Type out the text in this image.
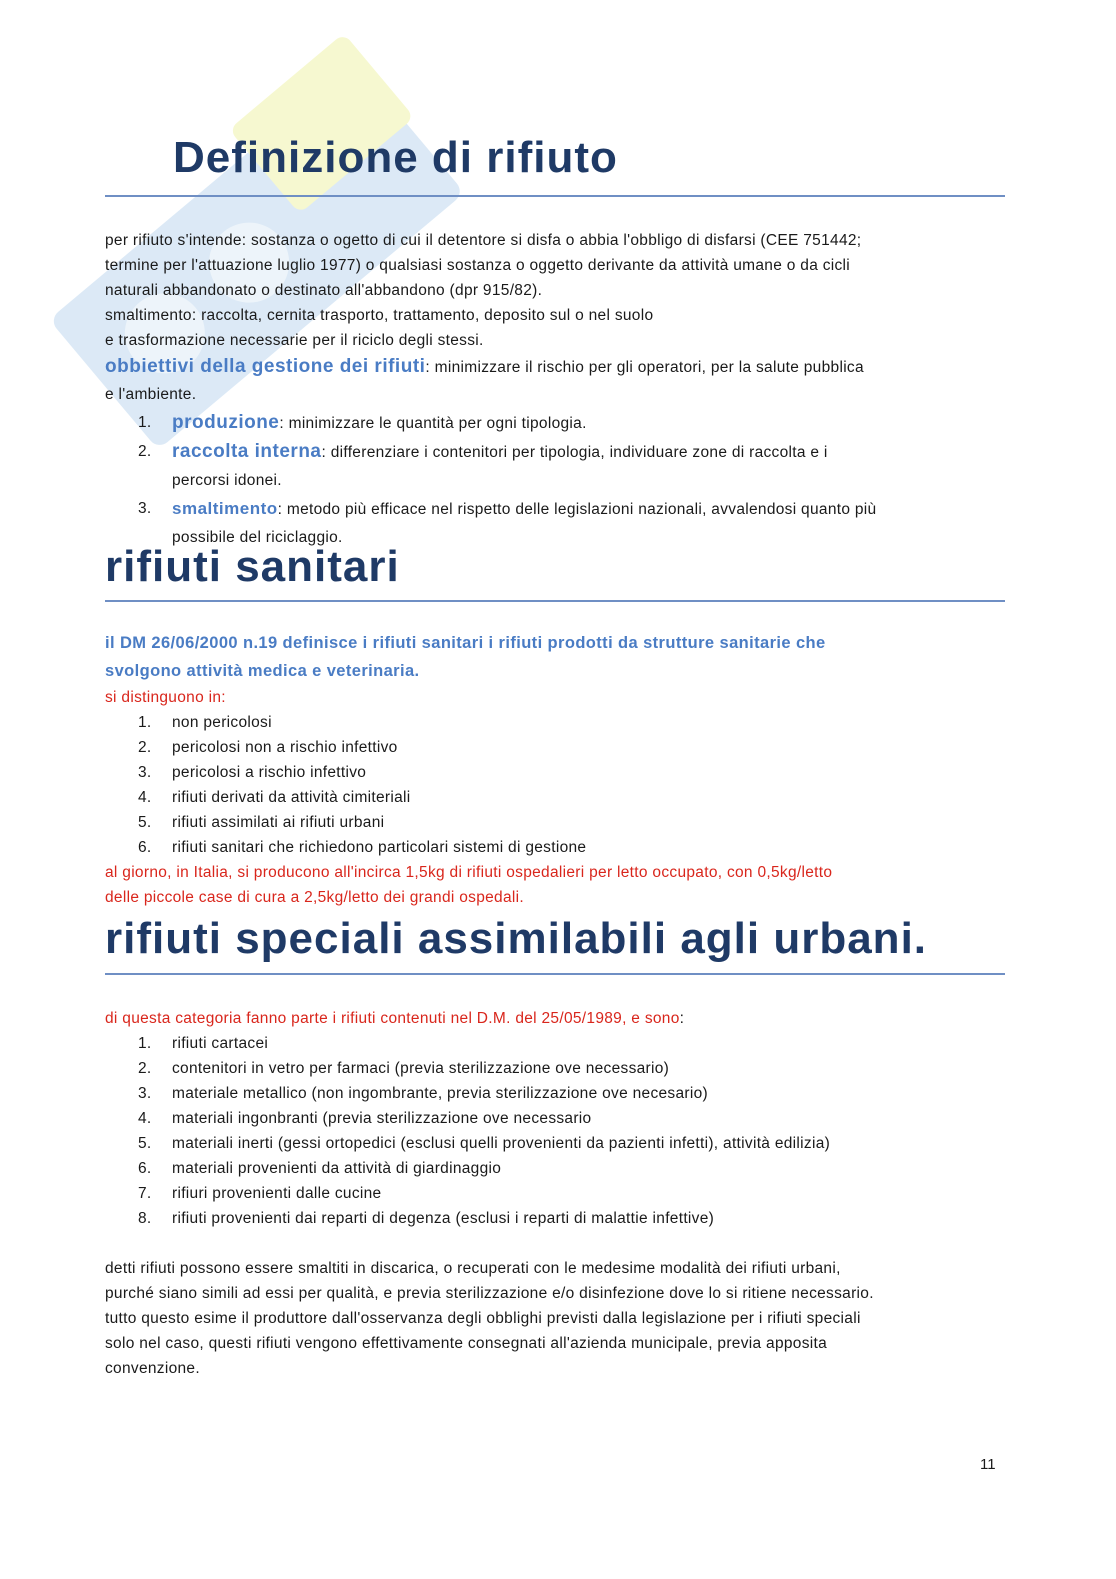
Definizione di rifiuto

per rifiuto s'intende: sostanza o ogetto di cui il detentore si disfa o abbia l'obbligo di disfarsi (CEE 751442;

termine per l'attuazione luglio 1977) o qualsiasi sostanza o oggetto derivante da attività umane o da cicli

naturali abbandonato o destinato all'abbandono (dpr 915/82).

smaltimento: raccolta, cernita trasporto, trattamento, deposito sul o nel suolo

e trasformazione necessarie per il riciclo degli stessi.

obbiettivi della gestione dei rifiuti: minimizzare il rischio per gli operatori, per la salute pubblica

e l'ambiente.

1. produzione: minimizzare le quantità per ogni tipologia.
2. raccolta interna: differenziare i contenitori per tipologia, individuare zone di raccolta e i
percorsi idonei.
3. smaltimento: metodo più efficace nel rispetto delle legislazioni nazionali, avvalendosi quanto più
possibile del riciclaggio.
rifiuti sanitari

il DM 26/06/2000 n.19 definisce i rifiuti sanitari i rifiuti prodotti da strutture sanitarie che

svolgono attività medica e veterinaria.

si distinguono in:

1. non pericolosi
2. pericolosi non a rischio infettivo
3. pericolosi a rischio infettivo
4. rifiuti derivati da attività cimiteriali
5. rifiuti assimilati ai rifiuti urbani
6. rifiuti sanitari che richiedono particolari sistemi di gestione

al giorno, in Italia, si producono all'incirca 1,5kg di rifiuti ospedalieri per letto occupato, con 0,5kg/letto

delle piccole case di cura a 2,5kg/letto dei grandi ospedali.

rifiuti speciali assimilabili agli urbani.

di questa categoria fanno parte i rifiuti contenuti nel D.M. del 25/05/1989, e sono:

1. rifiuti cartacei
2. contenitori in vetro per farmaci (previa sterilizzazione ove necessario)
3. materiale metallico (non ingombrante, previa sterilizzazione ove necesario)
4. materiali ingonbranti (previa sterilizzazione ove necessario
5. materiali inerti (gessi ortopedici (esclusi quelli provenienti da pazienti infetti), attività edilizia)
6. materiali provenienti da attività di giardinaggio
7. rifiuri provenienti dalle cucine
8. rifiuti provenienti dai reparti di degenza (esclusi i reparti di malattie infettive)

detti rifiuti possono essere smaltiti in discarica, o recuperati con le medesime modalità dei rifiuti urbani,

purché siano simili ad essi per qualità, e previa sterilizzazione e/o disinfezione dove lo si ritiene necessario.

tutto questo esime il produttore dall'osservanza degli obblighi previsti dalla legislazione per i rifiuti speciali

solo nel caso, questi rifiuti vengono effettivamente consegnati all'azienda municipale, previa apposita

convenzione.

11
